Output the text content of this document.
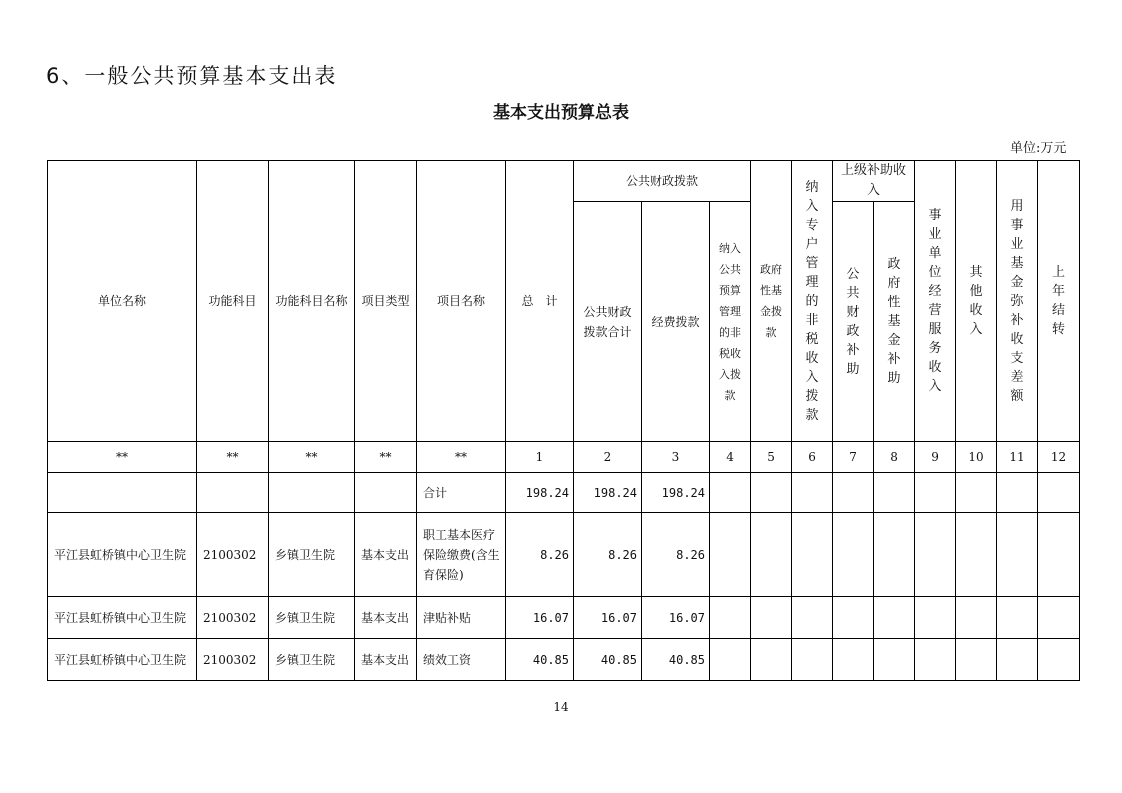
6、一般公共预算基本支出表
基本支出预算总表
单位:万元
单位名称	功能科目	功能科目名称	项目类型	项目名称	总　计	公共财政拨款			政府性基金拨款	纳入专户管理的非税收入拨款	上级补助收入		事业单位经营服务收入	其他收入	用事业基金弥补收支差额	上年结转
						公共财政拨款合计	经费拨款	纳入公共预算管理的非税收入拨款			公共财政补助	政府性基金补助				
**	**	**	**	**	1	2	3	4	5	6	7	8	9	10	11	12
				合计	198.24	198.24	198.24									
平江县虹桥镇中心卫生院	2100302	乡镇卫生院	基本支出	职工基本医疗保险缴费(含生育保险)	8.26	8.26	8.26									
平江县虹桥镇中心卫生院	2100302	乡镇卫生院	基本支出	津贴补贴	16.07	16.07	16.07									
平江县虹桥镇中心卫生院	2100302	乡镇卫生院	基本支出	绩效工资	40.85	40.85	40.85									
14
